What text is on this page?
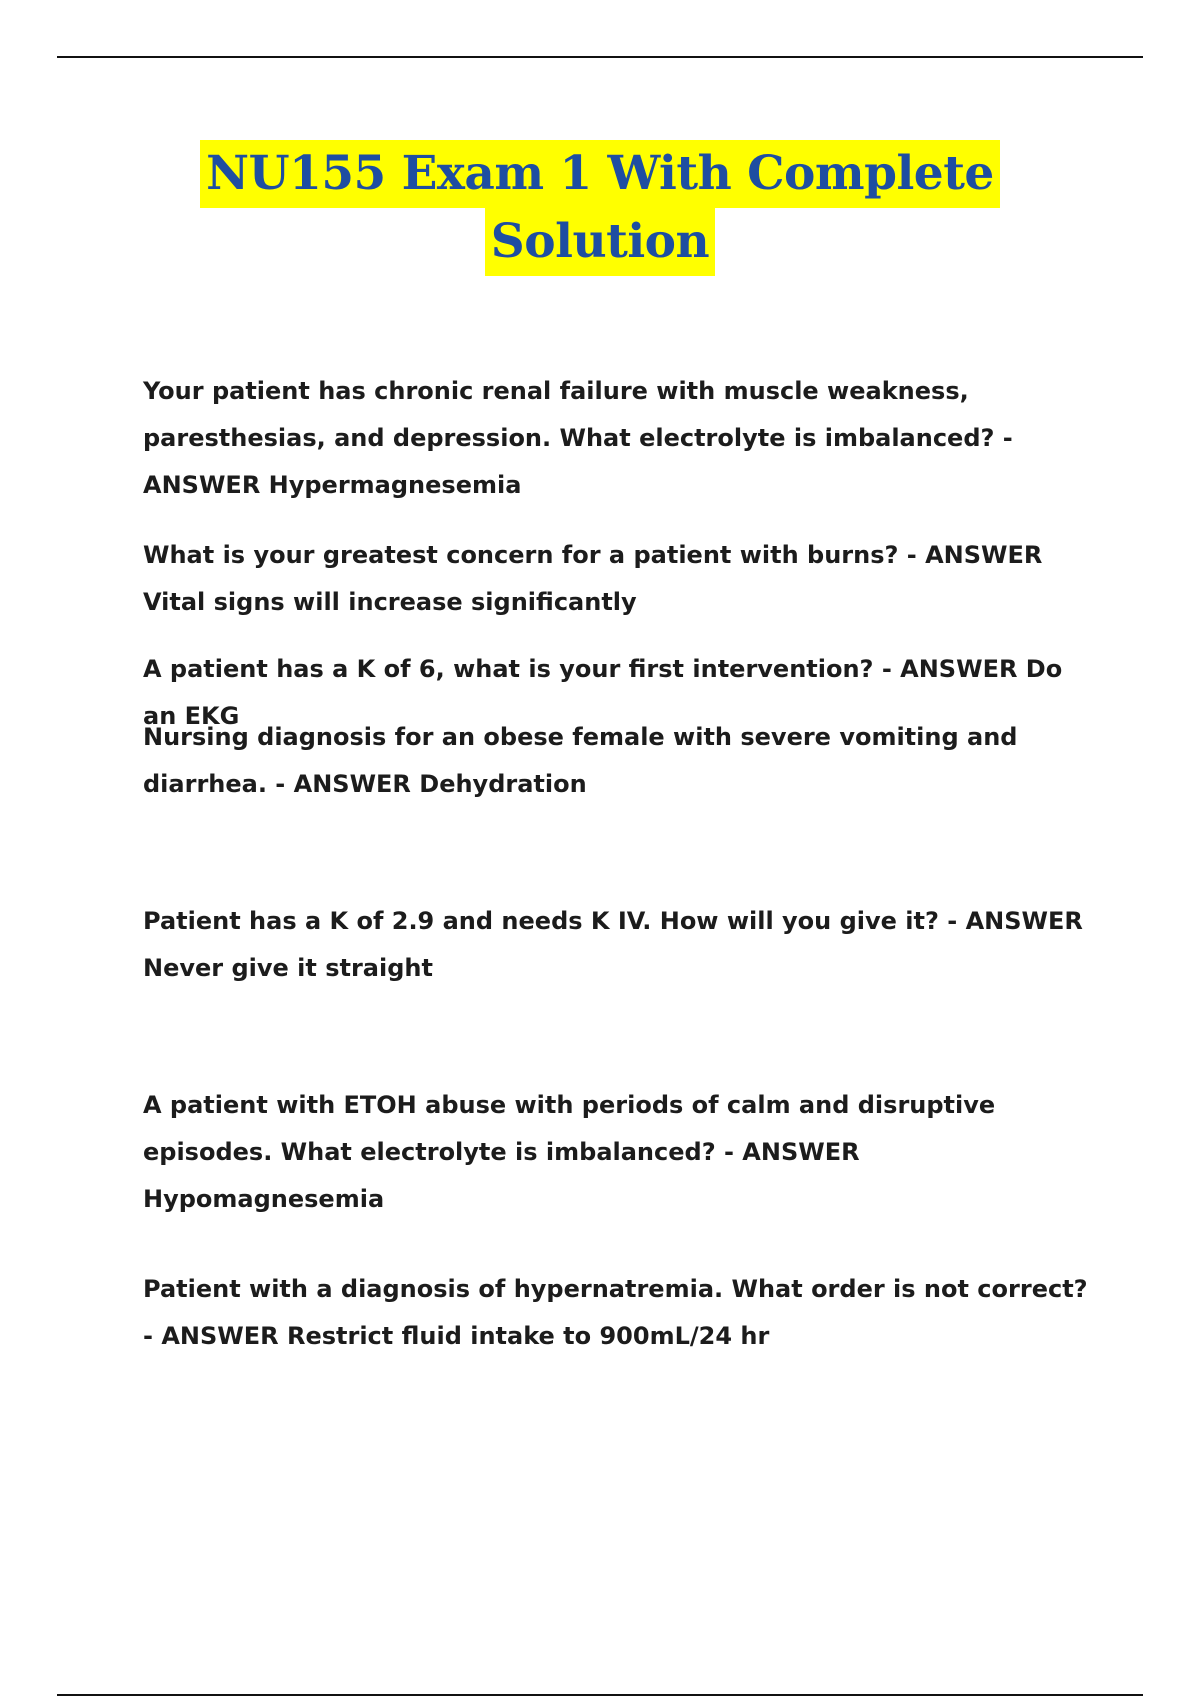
NU155 Exam 1 With Complete
Solution

Your patient has chronic renal failure with muscle weakness, paresthesias, and depression. What electrolyte is imbalanced? - ANSWER Hypermagnesemia

What is your greatest concern for a patient with burns? - ANSWER Vital signs will increase significantly

A patient has a K of 6, what is your first intervention? - ANSWER Do an EKG

Nursing diagnosis for an obese female with severe vomiting and diarrhea. - ANSWER Dehydration

Patient has a K of 2.9 and needs K IV. How will you give it? - ANSWER Never give it straight

A patient with ETOH abuse with periods of calm and disruptive episodes. What electrolyte is imbalanced? - ANSWER Hypomagnesemia

Patient with a diagnosis of hypernatremia. What order is not correct? - ANSWER Restrict fluid intake to 900mL/24 hr
